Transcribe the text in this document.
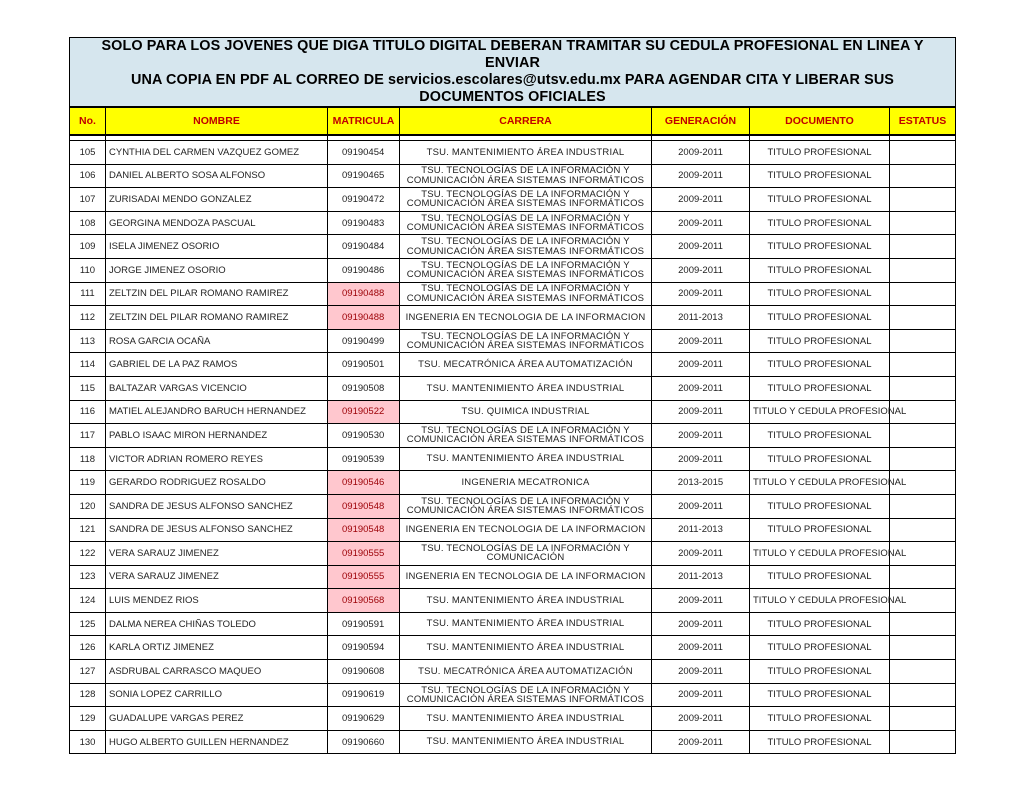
SOLO PARA LOS JOVENES QUE DIGA TITULO DIGITAL DEBERAN TRAMITAR SU CEDULA PROFESIONAL EN LINEA Y ENVIAR
UNA COPIA EN PDF AL CORREO DE servicios.escolares@utsv.edu.mx PARA AGENDAR CITA Y LIBERAR SUS
DOCUMENTOS OFICIALES						

No.	NOMBRE	MATRICULA	CARRERA	GENERACIÓN	DOCUMENTO	ESTATUS

105	CYNTHIA DEL CARMEN VAZQUEZ GOMEZ	09190454	TSU. MANTENIMIENTO ÁREA INDUSTRIAL	2009-2011	TITULO PROFESIONAL	
106	DANIEL ALBERTO SOSA ALFONSO	09190465	TSU. TECNOLOGÍAS DE LA INFORMACIÓN Y COMUNICACIÓN ÁREA SISTEMAS INFORMÁTICOS	2009-2011	TITULO PROFESIONAL	
107	ZURISADAI MENDO GONZALEZ	09190472	TSU. TECNOLOGÍAS DE LA INFORMACIÓN Y COMUNICACIÓN ÁREA SISTEMAS INFORMÁTICOS	2009-2011	TITULO PROFESIONAL	
108	GEORGINA MENDOZA PASCUAL	09190483	TSU. TECNOLOGÍAS DE LA INFORMACIÓN Y COMUNICACIÓN ÁREA SISTEMAS INFORMÁTICOS	2009-2011	TITULO PROFESIONAL	
109	ISELA JIMENEZ OSORIO	09190484	TSU. TECNOLOGÍAS DE LA INFORMACIÓN Y COMUNICACIÓN ÁREA SISTEMAS INFORMÁTICOS	2009-2011	TITULO PROFESIONAL	
110	JORGE JIMENEZ OSORIO	09190486	TSU. TECNOLOGÍAS DE LA INFORMACIÓN Y COMUNICACIÓN ÁREA SISTEMAS INFORMÁTICOS	2009-2011	TITULO PROFESIONAL	
111	ZELTZIN DEL PILAR ROMANO RAMIREZ	09190488	TSU. TECNOLOGÍAS DE LA INFORMACIÓN Y COMUNICACIÓN ÁREA SISTEMAS INFORMÁTICOS	2009-2011	TITULO PROFESIONAL	
112	ZELTZIN DEL PILAR ROMANO RAMIREZ	09190488	INGENERIA EN TECNOLOGIA DE LA INFORMACION	2011-2013	TITULO PROFESIONAL	
113	ROSA GARCIA OCAÑA	09190499	TSU. TECNOLOGÍAS DE LA INFORMACIÓN Y COMUNICACIÓN ÁREA SISTEMAS INFORMÁTICOS	2009-2011	TITULO PROFESIONAL	
114	GABRIEL DE LA PAZ RAMOS	09190501	TSU. MECATRÓNICA ÁREA AUTOMATIZACIÓN	2009-2011	TITULO PROFESIONAL	
115	BALTAZAR VARGAS VICENCIO	09190508	TSU. MANTENIMIENTO ÁREA INDUSTRIAL	2009-2011	TITULO PROFESIONAL	
116	MATIEL ALEJANDRO BARUCH HERNANDEZ	09190522	TSU. QUIMICA INDUSTRIAL	2009-2011	TITULO Y CEDULA PROFESIONAL	
117	PABLO ISAAC MIRON HERNANDEZ	09190530	TSU. TECNOLOGÍAS DE LA INFORMACIÓN Y COMUNICACIÓN ÁREA SISTEMAS INFORMÁTICOS	2009-2011	TITULO PROFESIONAL	
118	VICTOR ADRIAN ROMERO REYES	09190539	TSU. MANTENIMIENTO ÁREA INDUSTRIAL	2009-2011	TITULO PROFESIONAL	
119	GERARDO RODRIGUEZ ROSALDO	09190546	INGENERIA MECATRONICA	2013-2015	TITULO Y CEDULA PROFESIONAL	
120	SANDRA DE JESUS ALFONSO SANCHEZ	09190548	TSU. TECNOLOGÍAS DE LA INFORMACIÓN Y COMUNICACIÓN ÁREA SISTEMAS INFORMÁTICOS	2009-2011	TITULO PROFESIONAL	
121	SANDRA DE JESUS ALFONSO SANCHEZ	09190548	INGENERIA EN TECNOLOGIA DE LA INFORMACION	2011-2013	TITULO PROFESIONAL	
122	VERA SARAUZ JIMENEZ	09190555	TSU. TECNOLOGÍAS DE LA INFORMACIÓN Y COMUNICACIÓN	2009-2011	TITULO Y CEDULA PROFESIONAL	
123	VERA SARAUZ JIMENEZ	09190555	INGENERIA EN TECNOLOGIA DE LA INFORMACION	2011-2013	TITULO PROFESIONAL	
124	LUIS MENDEZ RIOS	09190568	TSU. MANTENIMIENTO ÁREA INDUSTRIAL	2009-2011	TITULO Y CEDULA PROFESIONAL	
125	DALMA NEREA CHIÑAS TOLEDO	09190591	TSU. MANTENIMIENTO ÁREA INDUSTRIAL	2009-2011	TITULO PROFESIONAL	
126	KARLA ORTIZ JIMENEZ	09190594	TSU. MANTENIMIENTO ÁREA INDUSTRIAL	2009-2011	TITULO PROFESIONAL	
127	ASDRUBAL CARRASCO MAQUEO	09190608	TSU. MECATRÓNICA ÁREA AUTOMATIZACIÓN	2009-2011	TITULO PROFESIONAL	
128	SONIA LOPEZ CARRILLO	09190619	TSU. TECNOLOGÍAS DE LA INFORMACIÓN Y COMUNICACIÓN ÁREA SISTEMAS INFORMÁTICOS	2009-2011	TITULO PROFESIONAL	
129	GUADALUPE VARGAS PEREZ	09190629	TSU. MANTENIMIENTO ÁREA INDUSTRIAL	2009-2011	TITULO PROFESIONAL	
130	HUGO ALBERTO GUILLEN HERNANDEZ	09190660	TSU. MANTENIMIENTO ÁREA INDUSTRIAL	2009-2011	TITULO PROFESIONAL	
